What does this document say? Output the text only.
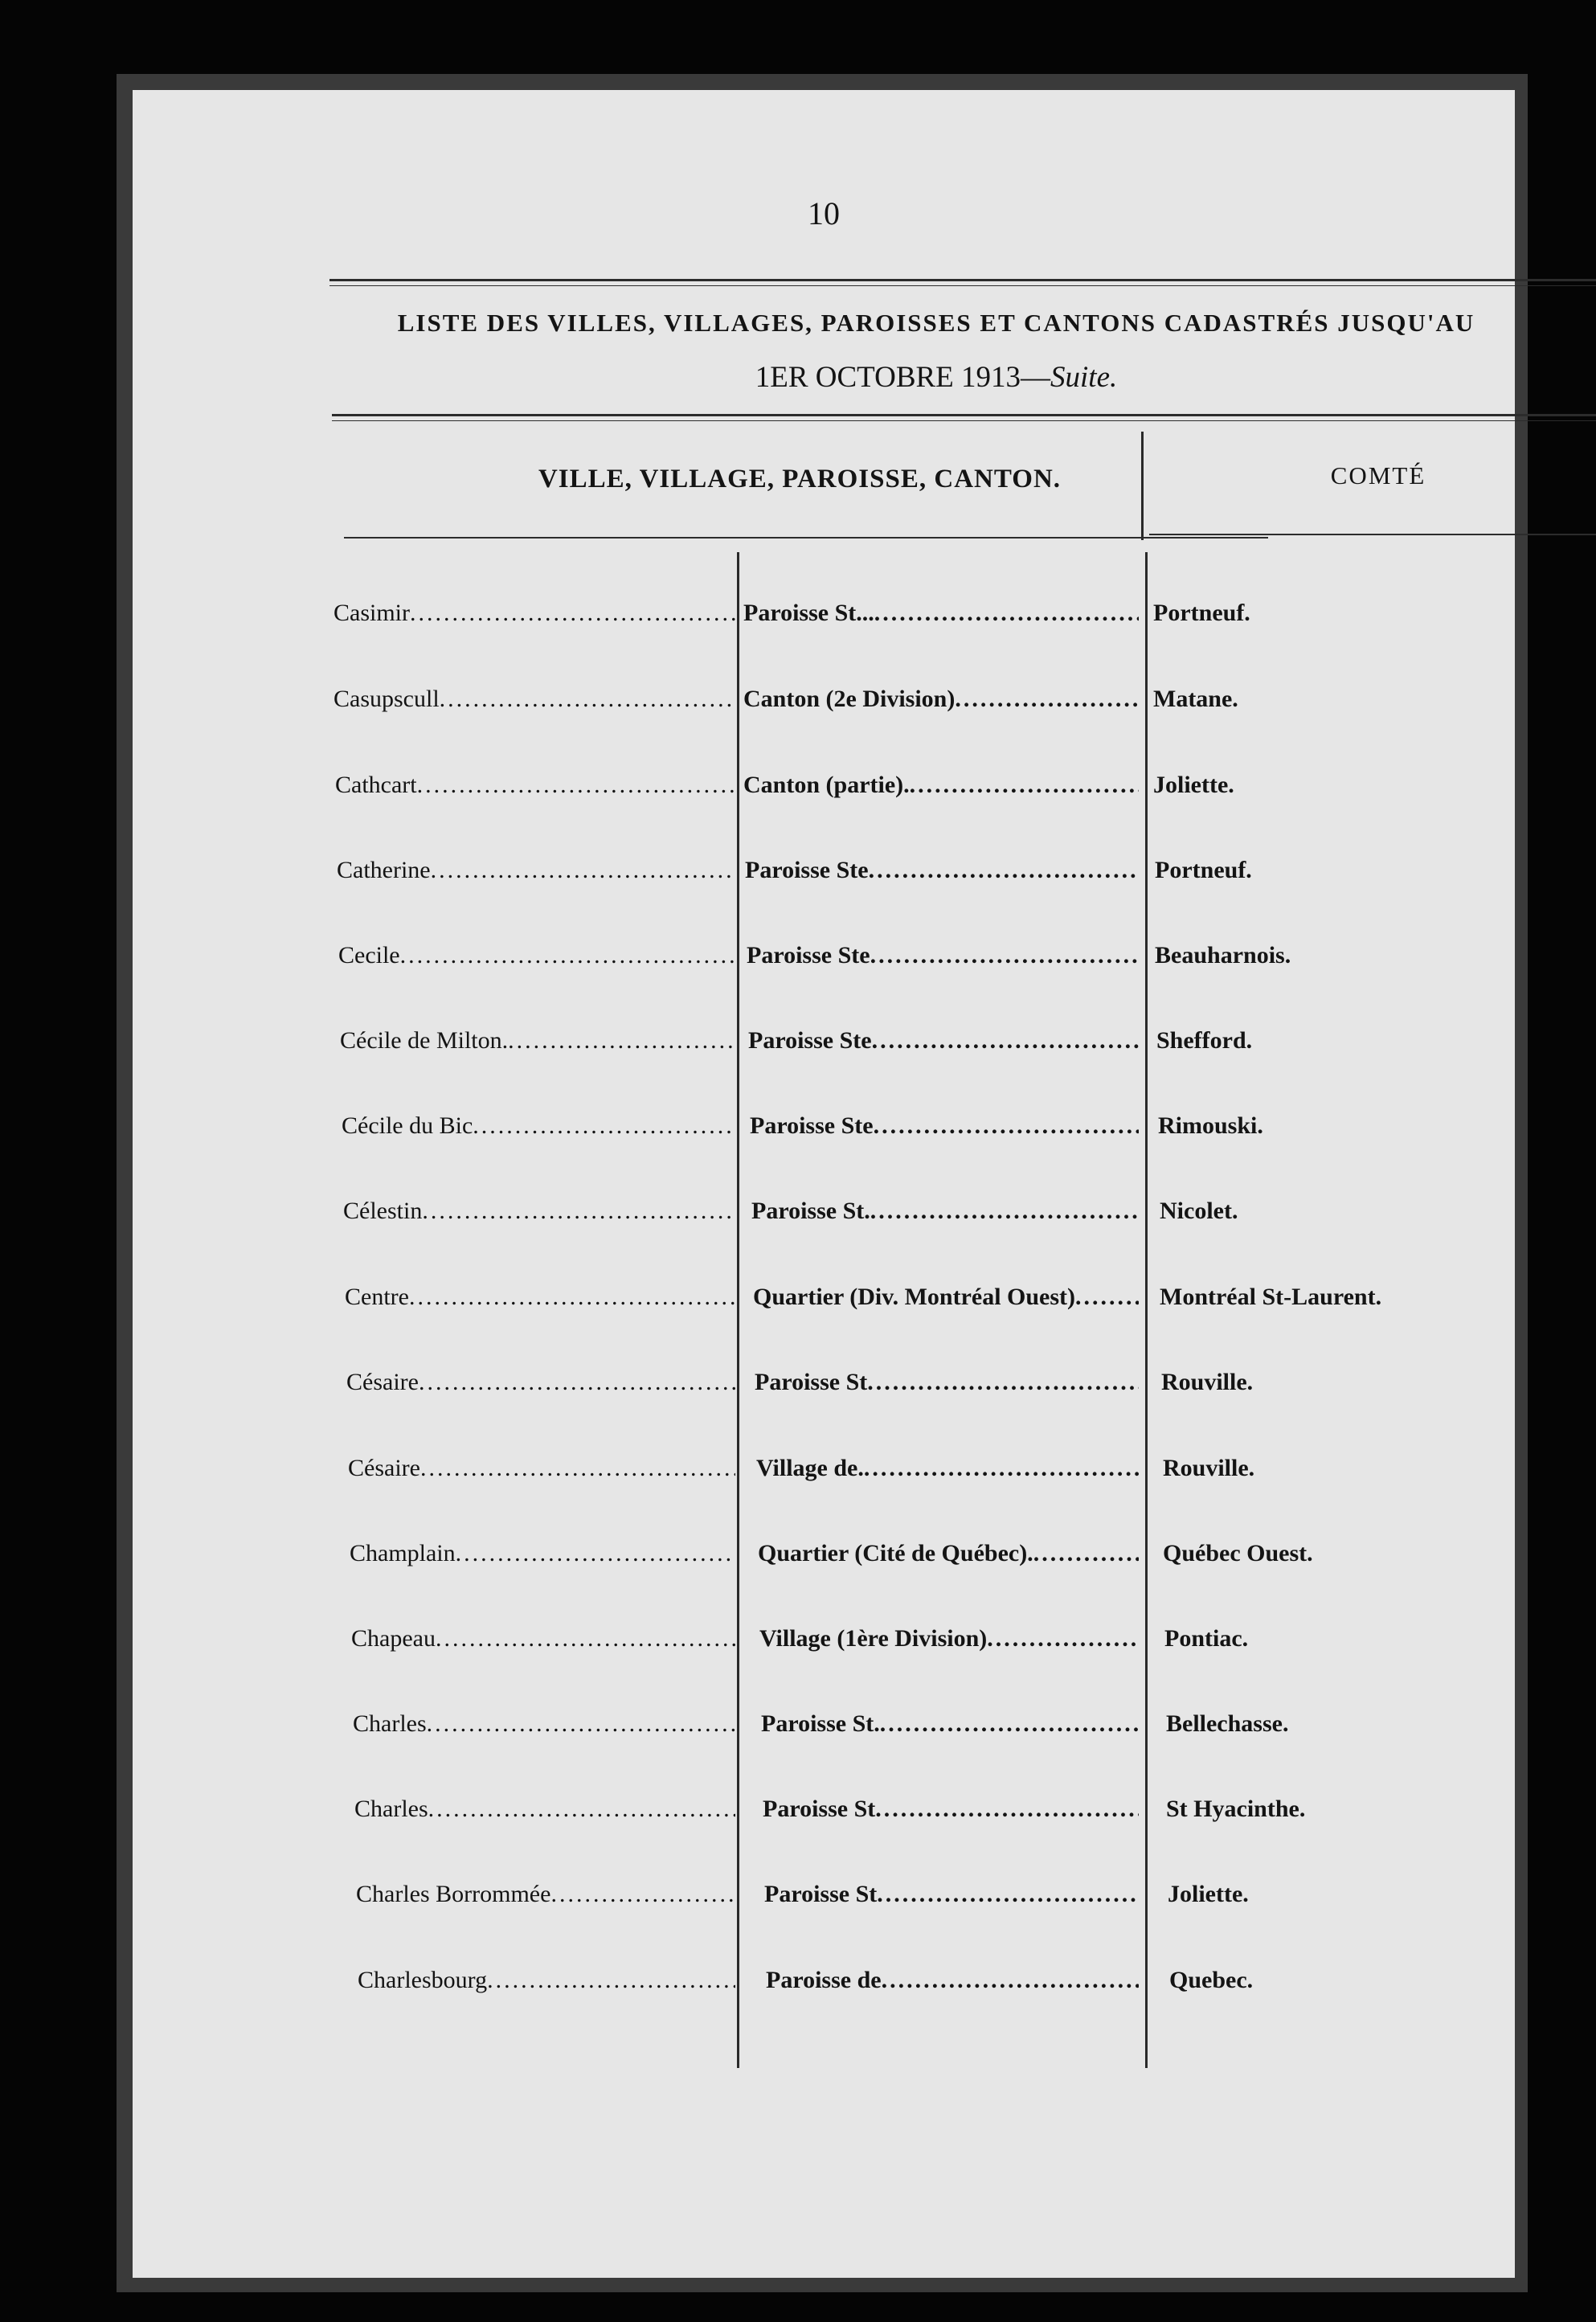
10
LISTE DES VILLES, VILLAGES, PAROISSES ET CANTONS CADASTRÉS JUSQU'AU
1ER OCTOBRE 1913—Suite.
VILLE, VILLAGE, PAROISSE, CANTON.	COMTÉ
Casimir .....	Paroisse St... .....	Portneuf.
Casupscull .....	Canton (2e Division) .....	Matane.
Cathcart .....	Canton (partie). .....	Joliette.
Catherine .....	Paroisse Ste .....	Portneuf.
Cecile .....	Paroisse Ste .....	Beauharnois.
Cécile de Milton. .....	Paroisse Ste .....	Shefford.
Cécile du Bic .....	Paroisse Ste .....	Rimouski.
Célestin .....	Paroisse St. .....	Nicolet.
Centre .....	Quartier (Div. Montréal Ouest) .....	Montréal St-Laurent.
Césaire .....	Paroisse St .....	Rouville.
Césaire .....	Village de. .....	Rouville.
Champlain .....	Quartier (Cité de Québec). .....	Québec Ouest.
Chapeau .....	Village (1ère Division) .....	Pontiac.
Charles .....	Paroisse St. .....	Bellechasse.
Charles .....	Paroisse St .....	St Hyacinthe.
Charles Borrommée .....	Paroisse St .....	Joliette.
Charlesbourg .....	Paroisse de .....	Quebec.
